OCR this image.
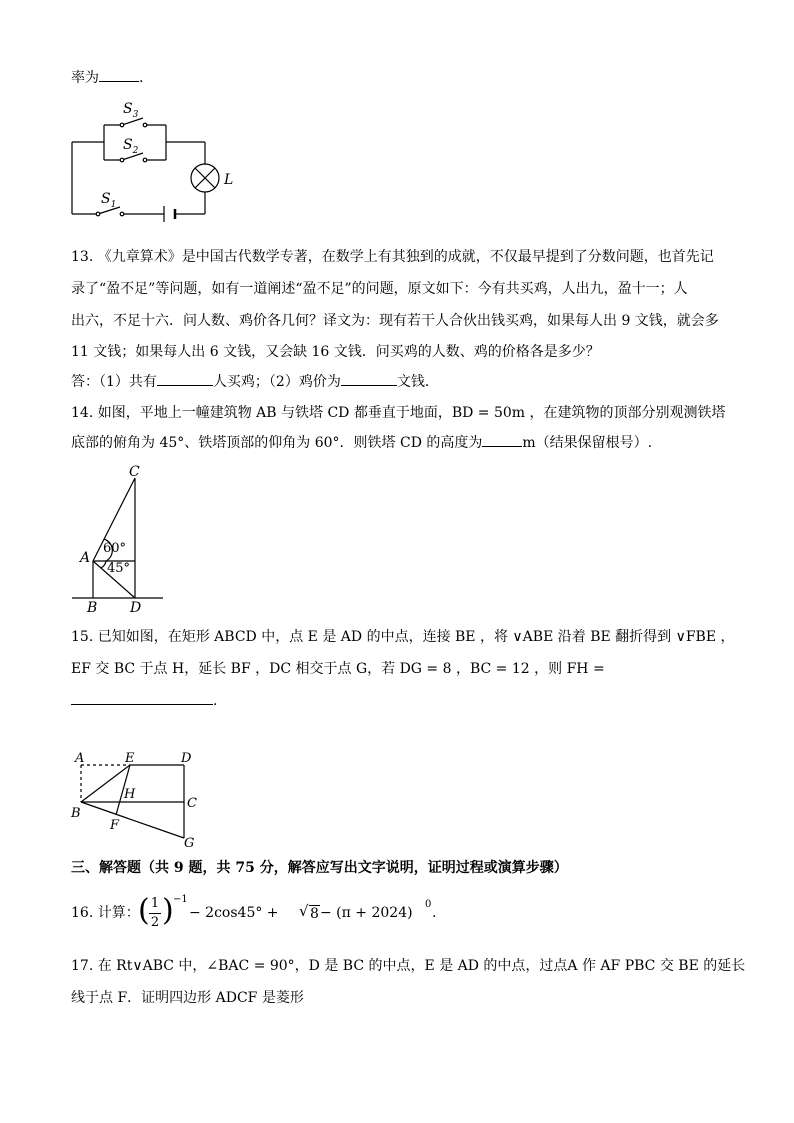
率为	.
$S_3$
$S_2$
$S_1$
L
13. 《九章算术》是中国古代数学专著，在数学上有其独到的成就，不仅最早提到了分数问题，也首先记
录了“盈不足”等问题，如有一道阐述“盈不足”的问题，原文如下：今有共买鸡，人出九，盈十一；人
出六，不足十六．问人数、鸡价各几何？译文为：现有若干人合伙出钱买鸡，如果每人出 9 文钱，就会多
11 文钱；如果每人出 6 文钱，又会缺 16 文钱．问买鸡的人数、鸡的价格各是多少？
答：（1）共有	人买鸡；（2）鸡价为	文钱．
14. 如图，平地上一幢建筑物 AB 与铁塔 CD 都垂直于地面，BD = 50m ，在建筑物的顶部分别观测铁塔
底部的俯角为 45°、铁塔顶部的仰角为 60°．则铁塔 CD 的高度为	m（结果保留根号）.
C
A
B D
60°
45°
15. 已知如图，在矩形 ABCD 中，点 E 是 AD 的中点，连接 BE ，将 ∨ABE 沿着 BE 翻折得到 ∨FBE ，
EF 交 BC 于点 H，延长 BF ，DC 相交于点 G，若 DG = 8 ，BC = 12 ，则 FH =
.
A	E	D
B
H
C
F
G
三、解答题（共 9 题，共 75 分，解答应写出文字说明，证明过程或演算步骤）
16. 计算：
( 1
2 ) −1
− 2cos45° + √ 8 − (π + 2024)
0
.
17. 在 Rt∨ABC 中，∠BAC = 90°，D 是 BC 的中点，E 是 AD 的中点，过点A 作 AF PBC 交 BE 的延长
线于点 F．证明四边形 ADCF 是菱形
